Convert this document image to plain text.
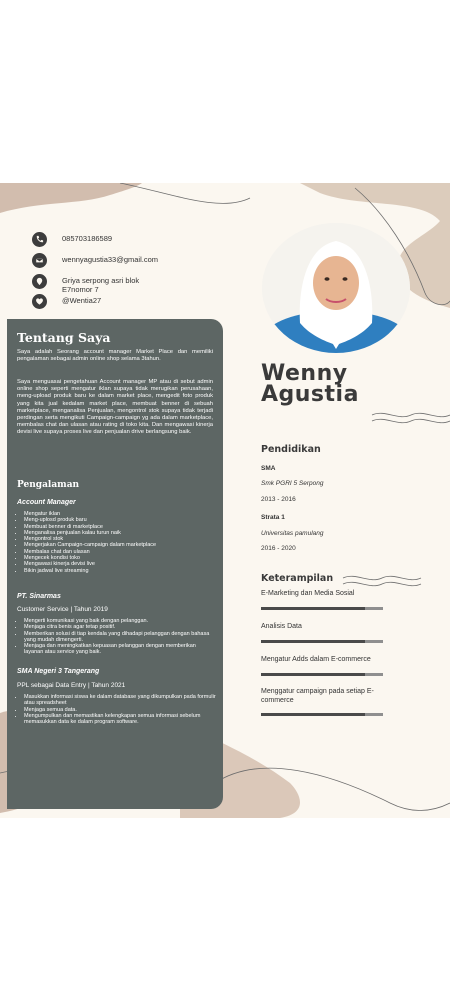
085703186589
wennyagustia33@gmail.com
Griya serpong asri blok E7nomor 7
@Wentia27
Tentang Saya
Saya adalah Seorang account manager Market Place dan memiliki pengalaman sebagai admin online shop selama 3tahun.
Saya menguasai pengetahuan Account manager MP atau di sebut admin online shop seperti mengatur iklan supaya tidak merugikan perusahaan, meng-upload produk baru ke dalam market place, mengedit foto produk yang kita jual kedalam market place, membuat benner di sebuah marketplace, menganalisa Penjualan, mengontrol stok supaya tidak terjadi perdingan serta mengikuti Campaign-campaign yg ada dalam marketplace, membalas chat dan ulasan atau rating di toko kita. Dan mengawasi kinerja devisi live supaya proses live dan penjualan drive berlangsung baik.
Pengalaman
Account Manager
• Mengatur iklan
• Meng-uplosd produk baru
• Membuat benner di marketplace
• Menganalisa penjualan kalau turun naik
• Mengontrol stok
• Mengerjakan Campaign-campaign dalam marketplace
• Membalas chat dan ulasan
• Mengecek kondisi toko
• Mengawasi kinerja devisi live
• Bikin jadwal live streaming
PT. Sinarmas
Customer Service | Tahun 2019
• Mengerti komunikasi yang baik dengan pelanggan.
• Menjaga citra benis agar tetap positif.
• Memberikan solusi di tiap kendala yang dihadapi pelanggan dengan bahasa yang mudah dimengerti.
• Menjaga dan meningkatkan kepuasan pelanggan dengan memberikan layanan atau service yang baik.
SMA Negeri 3 Tangerang
PPL sebagai Data Entry | Tahun 2021
• Masukkan informasi siswa ke dalam database yang dikumpulkan pada formulir atau spreadsheet
• Menjaga semua data.
• Mengumpulkan dan memastikan kelengkapan semua informasi sebelum memasukkan data ke dalam program software.
Wenny
Agustia
Pendidikan
SMA
Smk PGRI 5 Serpong
2013 - 2016
Strata 1
Universitas pamulang
2016 - 2020
Keterampilan
E-Marketing dan Media Sosial
Analisis Data
Mengatur Adds dalam E-commerce
Menggatur campaign pada setiap E-commerce
